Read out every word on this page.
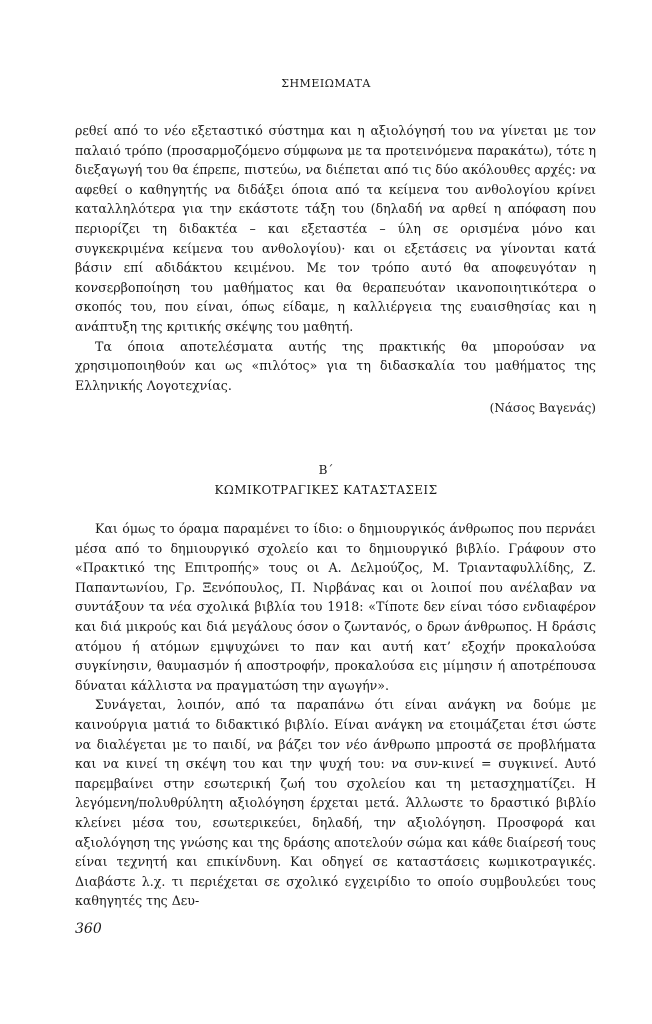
ΣΗΜΕΙΩΜΑΤΑ

ρεθεί από το νέο εξεταστικό σύστημα και η αξιολόγησή του να γίνεται με τον παλαιό τρόπο (προσαρμοζόμενο σύμφωνα με τα προτεινόμενα παρακάτω), τότε η διεξαγωγή του θα έπρεπε, πιστεύω, να διέπεται από τις δύο ακόλουθες αρχές: να αφεθεί ο καθηγητής να διδάξει όποια από τα κείμενα του ανθολογίου κρίνει καταλληλότερα για την εκάστοτε τάξη του (δηλαδή να αρθεί η απόφαση που περιορίζει τη διδακτέα – και εξεταστέα – ύλη σε ορισμένα μόνο και συγκεκριμένα κείμενα του ανθολογίου)· και οι εξετάσεις να γίνονται κατά βάσιν επί αδιδάκτου κειμένου. Με τον τρόπο αυτό θα αποφευγόταν η κονσερβοποίηση του μαθήματος και θα θεραπευόταν ικανοποιητικότερα ο σκοπός του, που είναι, όπως είδαμε, η καλλιέργεια της ευαισθησίας και η ανάπτυξη της κριτικής σκέψης του μαθητή.

Τα όποια αποτελέσματα αυτής της πρακτικής θα μπορούσαν να χρησιμοποιηθούν και ως «πιλότος» για τη διδασκαλία του μαθήματος της Ελληνικής Λογοτεχνίας.

(Νάσος Βαγενάς)

Β΄
ΚΩΜΙΚΟΤΡΑΓΙΚΕΣ ΚΑΤΑΣΤΑΣΕΙΣ

Και όμως το όραμα παραμένει το ίδιο: ο δημιουργικός άνθρωπος που περνάει μέσα από το δημιουργικό σχολείο και το δημιουργικό βιβλίο. Γράφουν στο «Πρακτικό της Επιτροπής» τους οι Α. Δελμούζος, Μ. Τριανταφυλλίδης, Ζ. Παπαντωνίου, Γρ. Ξενόπουλος, Π. Νιρβάνας και οι λοιποί που ανέλαβαν να συντάξουν τα νέα σχολικά βιβλία του 1918: «Τίποτε δεν είναι τόσο ενδιαφέρον και διά μικρούς και διά μεγάλους όσον ο ζωντανός, ο δρων άνθρωπος. Η δράσις ατόμου ή ατόμων εμψυχώνει το παν και αυτή κατ’ εξοχήν προκαλούσα συγκίνησιν, θαυμασμόν ή αποστροφήν, προκαλούσα εις μίμησιν ή αποτρέπουσα δύναται κάλλιστα να πραγματώση την αγωγήν».

Συνάγεται, λοιπόν, από τα παραπάνω ότι είναι ανάγκη να δούμε με καινούργια ματιά το διδακτικό βιβλίο. Είναι ανάγκη να ετοιμάζεται έτσι ώστε να διαλέγεται με το παιδί, να βάζει τον νέο άνθρωπο μπροστά σε προβλήματα και να κινεί τη σκέψη του και την ψυχή του: να συν-κινεί = συγκινεί. Αυτό παρεμβαίνει στην εσωτερική ζωή του σχολείου και τη μετασχηματίζει. Η λεγόμενη/πολυθρύλητη αξιολόγηση έρχεται μετά. Άλλωστε το δραστικό βιβλίο κλείνει μέσα του, εσωτερικεύει, δηλαδή, την αξιολόγηση. Προσφορά και αξιολόγηση της γνώσης και της δράσης αποτελούν σώμα και κάθε διαίρεσή τους είναι τεχνητή και επικίνδυνη. Και οδηγεί σε καταστάσεις κωμικοτραγικές. Διαβάστε λ.χ. τι περιέχεται σε σχολικό εγχειρίδιο το οποίο συμβουλεύει τους καθηγητές της Δευ-

360
